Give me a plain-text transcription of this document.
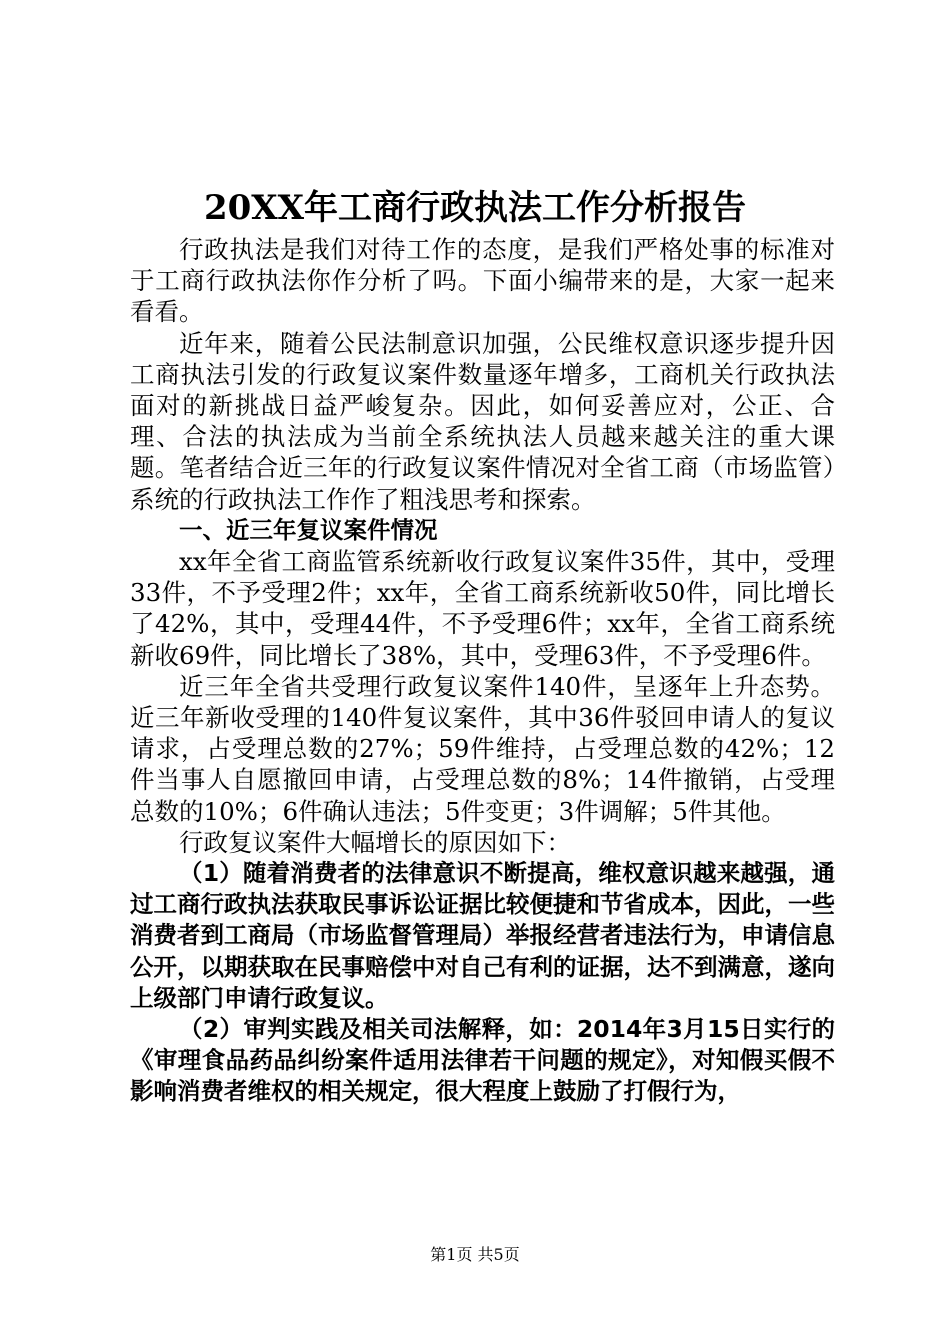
20XX年工商行政执法工作分析报告

行政执法是我们对待工作的态度，是我们严格处事的标准对于工商行政执法你作分析了吗。下面小编带来的是，大家一起来看看。

近年来，随着公民法制意识加强，公民维权意识逐步提升因工商执法引发的行政复议案件数量逐年增多，工商机关行政执法面对的新挑战日益严峻复杂。因此，如何妥善应对，公正、合理、合法的执法成为当前全系统执法人员越来越关注的重大课题。笔者结合近三年的行政复议案件情况对全省工商（市场监管）系统的行政执法工作作了粗浅思考和探索。

一、近三年复议案件情况

xx年全省工商监管系统新收行政复议案件35件，其中，受理33件，不予受理2件；xx年，全省工商系统新收50件，同比增长了42%，其中，受理44件，不予受理6件；xx年，全省工商系统新收69件，同比增长了38%，其中，受理63件，不予受理6件。

近三年全省共受理行政复议案件140件，呈逐年上升态势。近三年新收受理的140件复议案件，其中36件驳回申请人的复议请求，占受理总数的27%；59件维持，占受理总数的42%；12件当事人自愿撤回申请，占受理总数的8%；14件撤销，占受理总数的10%；6件确认违法；5件变更；3件调解；5件其他。

行政复议案件大幅增长的原因如下：

（1）随着消费者的法律意识不断提高，维权意识越来越强，通过工商行政执法获取民事诉讼证据比较便捷和节省成本，因此，一些消费者到工商局（市场监督管理局）举报经营者违法行为，申请信息公开，以期获取在民事赔偿中对自己有利的证据，达不到满意，遂向上级部门申请行政复议。

（2）审判实践及相关司法解释，如：2014年3月15日实行的《审理食品药品纠纷案件适用法律若干问题的规定》，对知假买假不影响消费者维权的相关规定，很大程度上鼓励了打假行为，

第1页 共5页
